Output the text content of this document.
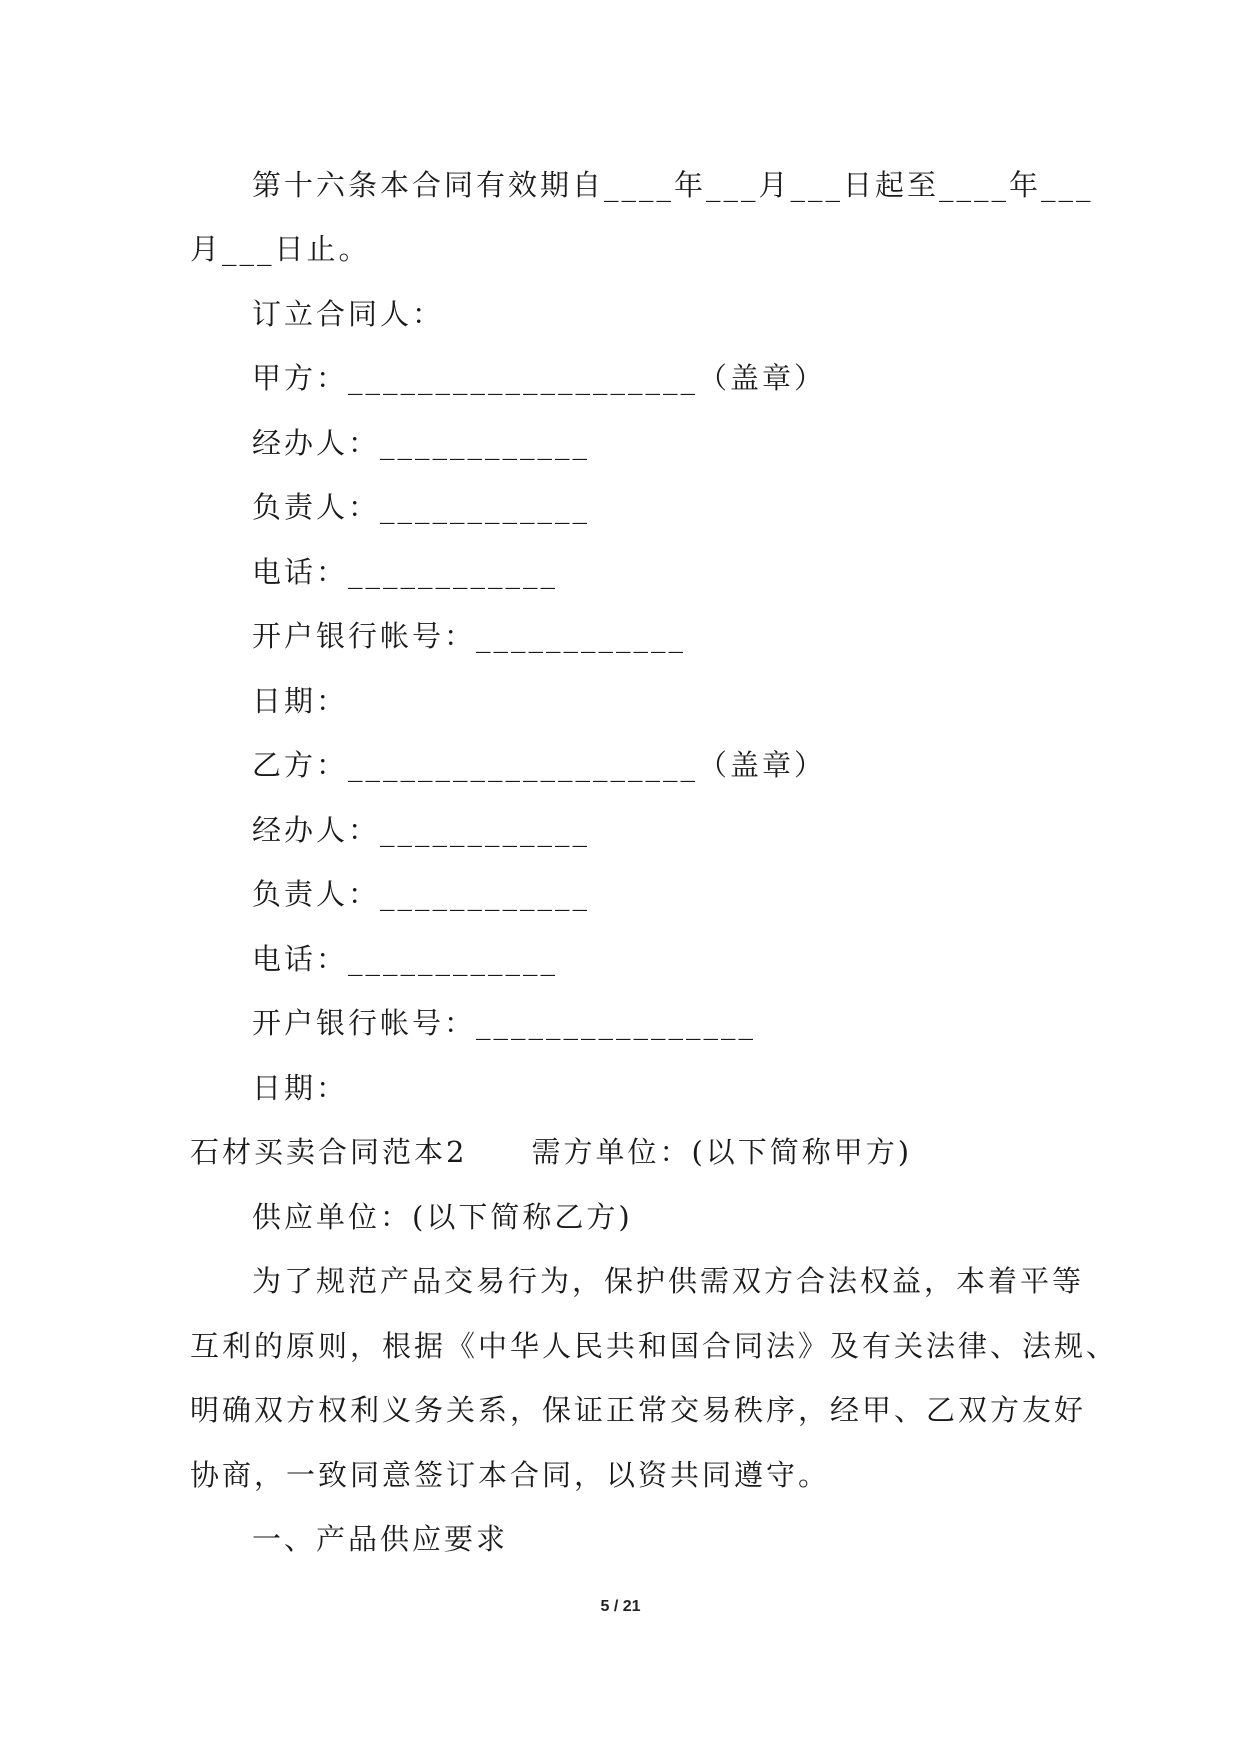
第十六条本合同有效期自____年___月___日起至____年___
月___日止。
订立合同人：
甲方：____________________（盖章）
经办人：____________
负责人：____________
电话：____________
开户银行帐号：____________
日期：
乙方：____________________（盖章）
经办人：____________
负责人：____________
电话：____________
开户银行帐号：________________
日期：
石材买卖合同范本2　　需方单位：(以下简称甲方)
供应单位：(以下简称乙方)
为了规范产品交易行为，保护供需双方合法权益，本着平等
互利的原则，根据《中华人民共和国合同法》及有关法律、法规、
明确双方权利义务关系，保证正常交易秩序，经甲、乙双方友好
协商，一致同意签订本合同，以资共同遵守。
一、产品供应要求
5 / 21
